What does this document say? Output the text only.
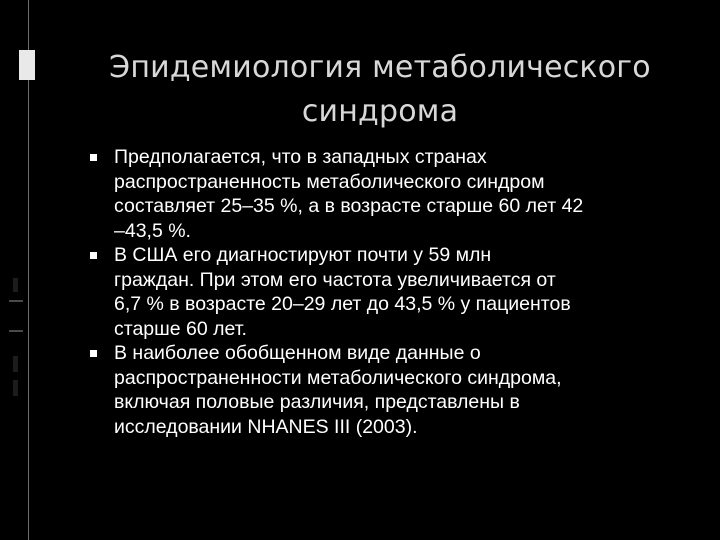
Эпидемиология метаболического
синдрома
Предполагается, что в западных странах
распространенность метаболического синдром
составляет 25–35 %, а в возрасте старше 60 лет 42
–43,5 %.
В США его диагностируют почти у 59 млн
граждан. При этом его частота увеличивается от
6,7 % в возрасте 20–29 лет до 43,5 % у пациентов
старше 60 лет.
В наиболее обобщенном виде данные о
распространенности метаболического синдрома,
включая половые различия, представлены в
исследовании NHANES III (2003).
